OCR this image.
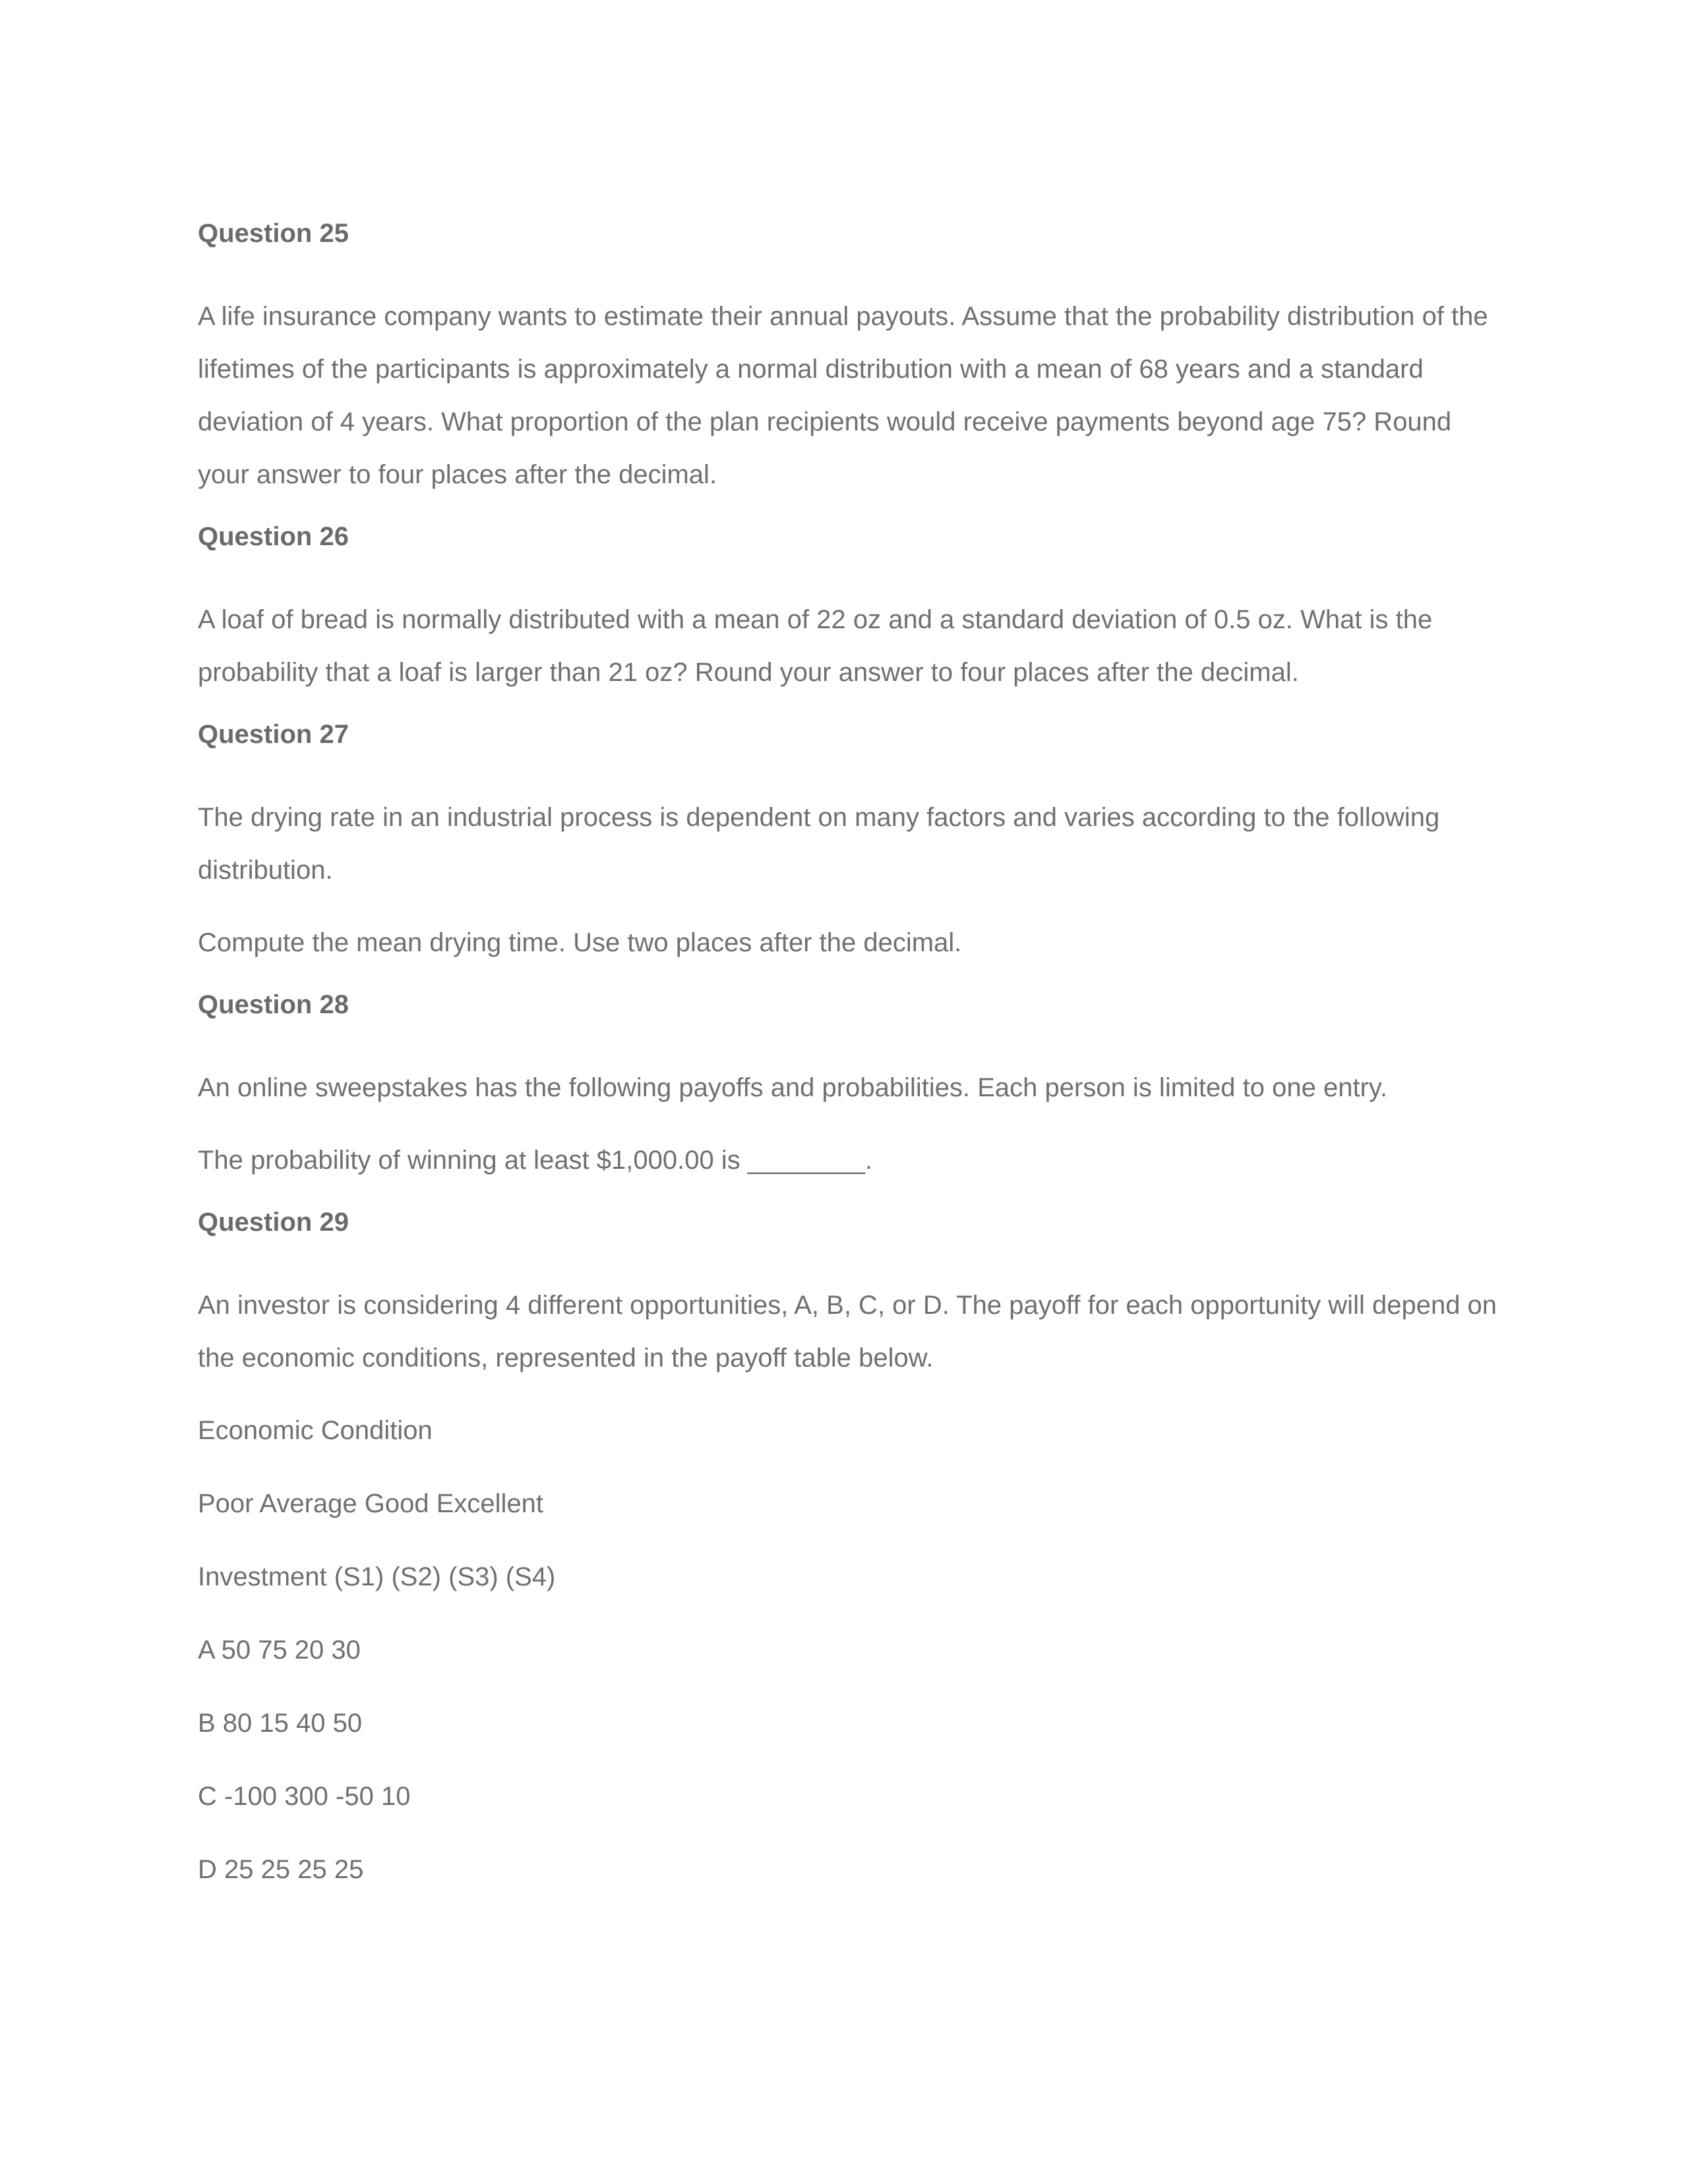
Question 25

A life insurance company wants to estimate their annual payouts. Assume that the probability distribution of the lifetimes of the participants is approximately a normal distribution with a mean of 68 years and a standard deviation of 4 years. What proportion of the plan recipients would receive payments beyond age 75? Round your answer to four places after the decimal.

Question 26

A loaf of bread is normally distributed with a mean of 22 oz and a standard deviation of 0.5 oz. What is the probability that a loaf is larger than 21 oz? Round your answer to four places after the decimal.

Question 27

The drying rate in an industrial process is dependent on many factors and varies according to the following distribution.

Compute the mean drying time. Use two places after the decimal.

Question 28

An online sweepstakes has the following payoffs and probabilities. Each person is limited to one entry.

The probability of winning at least $1,000.00 is ________.

Question 29

An investor is considering 4 different opportunities, A, B, C, or D. The payoff for each opportunity will depend on the economic conditions, represented in the payoff table below.

Economic Condition

Poor Average Good Excellent

Investment (S1) (S2) (S3) (S4)

A 50 75 20 30

B 80 15 40 50

C -100 300 -50 10

D 25 25 25 25
